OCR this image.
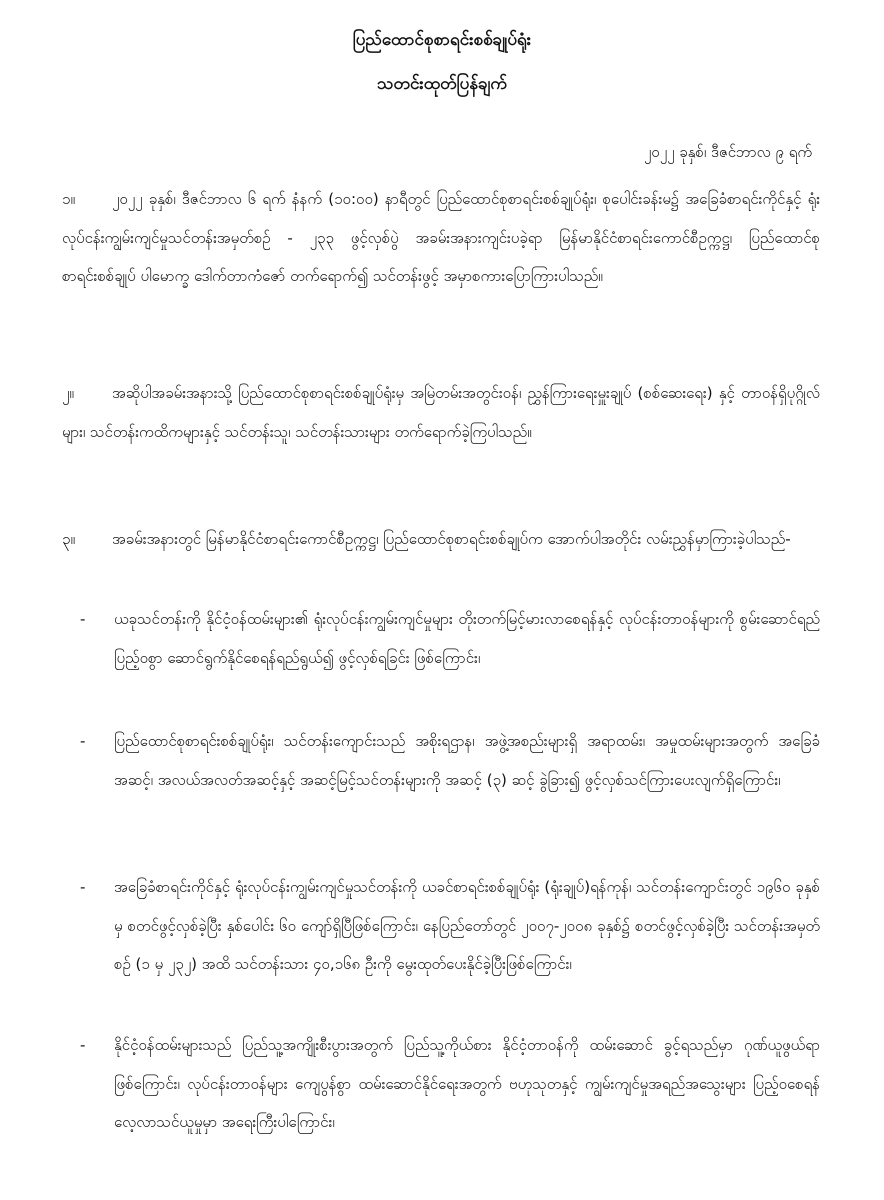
ပြည်ထောင်စုစာရင်းစစ်ချုပ်ရုံး
သတင်းထုတ်ပြန်ချက်
၂၀၂၂ ခုနှစ်၊ ဒီဇင်ဘာလ ၉ ရက်

၁။ ၂၀၂၂ ခုနှစ်၊ ဒီဇင်ဘာလ ၆ ရက် နံနက် (၁၀:၀၀) နာရီတွင် ပြည်ထောင်စုစာရင်းစစ်ချုပ်ရုံး၊ စုပေါင်းခန်းမ၌ အခြေခံစာရင်းကိုင်နှင့် ရုံးလုပ်ငန်းကျွမ်းကျင်မှုသင်တန်းအမှတ်စဉ် - ၂၃၃ ဖွင့်လှစ်ပွဲ အခမ်းအနားကျင်းပခဲ့ရာ မြန်မာနိုင်ငံစာရင်းကောင်စီဥက္ကဋ္ဌ၊ ပြည်ထောင်စုစာရင်းစစ်ချုပ် ပါမောက္ခ ဒေါက်တာကံဇော် တက်ရောက်၍ သင်တန်းဖွင့် အမှာစကားပြောကြားပါသည်။

၂။	အဆိုပါအခမ်းအနားသို့ ပြည်ထောင်စုစာရင်းစစ်ချုပ်ရုံးမှ အမြဲတမ်းအတွင်းဝန်၊ ညွှန်ကြားရေးမှူးချုပ် (စစ်ဆေးရေး) နှင့် တာဝန်ရှိပုဂ္ဂိုလ်များ၊ သင်တန်းကထိကများနှင့် သင်တန်းသူ၊ သင်တန်းသားများ တက်ရောက်ခဲ့ကြပါသည်။

၃။ အခမ်းအနားတွင် မြန်မာနိုင်ငံစာရင်းကောင်စီဥက္ကဋ္ဌ၊ ပြည်ထောင်စုစာရင်းစစ်ချုပ်က အောက်ပါအတိုင်း လမ်းညွှန်မှာကြားခဲ့ပါသည်-

-	ယခုသင်တန်းကို နိုင်ငံ့ဝန်ထမ်းများ၏ ရုံးလုပ်ငန်းကျွမ်းကျင်မှုများ တိုးတက်မြင့်မားလာစေရန်နှင့် လုပ်ငန်းတာဝန်များကို စွမ်းဆောင်ရည်ပြည့်ဝစွာ ဆောင်ရွက်နိုင်စေရန်ရည်ရွယ်၍ ဖွင့်လှစ်ရခြင်း ဖြစ်ကြောင်း၊

-	ပြည်ထောင်စုစာရင်းစစ်ချုပ်ရုံး၊ သင်တန်းကျောင်းသည် အစိုးရဌာန၊ အဖွဲ့အစည်းများရှိ အရာထမ်း၊ အမှုထမ်းများအတွက် အခြေခံအဆင့်၊ အလယ်အလတ်အဆင့်နှင့် အဆင့်မြင့်သင်တန်းများကို အဆင့် (၃) ဆင့် ခွဲခြား၍ ဖွင့်လှစ်သင်ကြားပေးလျက်ရှိကြောင်း၊

-	အခြေခံစာရင်းကိုင်နှင့် ရုံးလုပ်ငန်းကျွမ်းကျင်မှုသင်တန်းကို ယခင်စာရင်းစစ်ချုပ်ရုံး (ရုံးချုပ်)ရန်ကုန်၊ သင်တန်းကျောင်းတွင် ၁၉၆၀ ခုနှစ်မှ စတင်ဖွင့်လှစ်ခဲ့ပြီး နှစ်ပေါင်း ၆၀ ကျော်ရှိပြီဖြစ်ကြောင်း၊ နေပြည်တော်တွင် ၂၀၀၇-၂၀၀၈ ခုနှစ်၌ စတင်ဖွင့်လှစ်ခဲ့ပြီး သင်တန်းအမှတ်စဉ် (၁ မှ ၂၃၂) အထိ သင်တန်းသား ၄၀,၁၆၈ ဦးကို မွေးထုတ်ပေးနိုင်ခဲ့ပြီးဖြစ်ကြောင်း၊

-	နိုင်ငံ့ဝန်ထမ်းများသည် ပြည်သူ့အကျိုးစီးပွားအတွက် ပြည်သူ့ကိုယ်စား နိုင်ငံ့တာဝန်ကို ထမ်းဆောင် ခွင့်ရသည်မှာ ဂုဏ်ယူဖွယ်ရာဖြစ်ကြောင်း၊ လုပ်ငန်းတာဝန်များ ကျေပွန်စွာ ထမ်းဆောင်နိုင်ရေးအတွက် ဗဟုသုတနှင့် ကျွမ်းကျင်မှုအရည်အသွေးများ ပြည့်ဝစေရန် လေ့လာသင်ယူမှုမှာ အရေးကြီးပါကြောင်း၊
